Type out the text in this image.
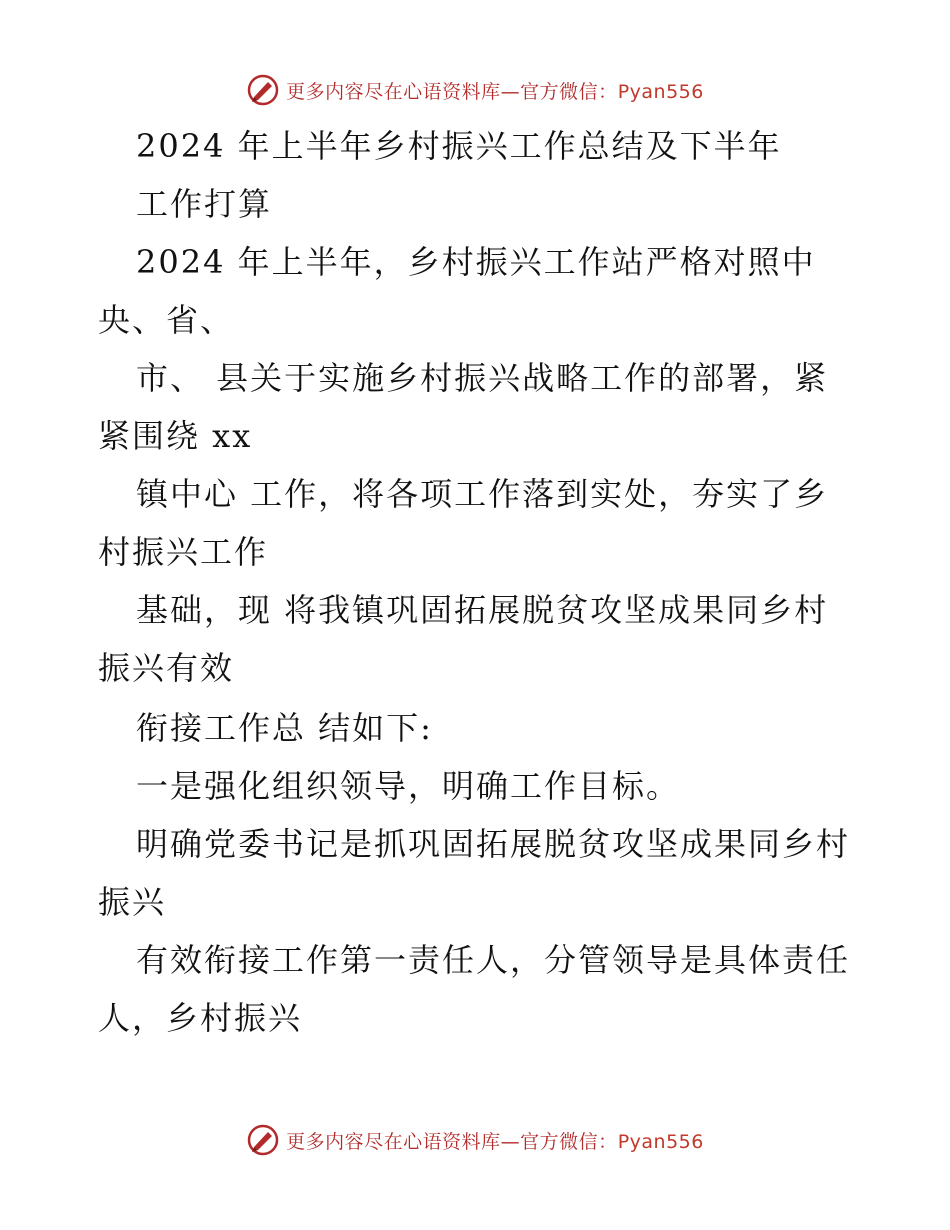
更多内容尽在心语资料库—官方微信：Pyan556
2024 年上半年乡村振兴工作总结及下半年
工作打算
2024 年上半年，乡村振兴工作站严格对照中
央、省、
市、 县关于实施乡村振兴战略工作的部署，紧
紧围绕 xx
镇中心 工作，将各项工作落到实处，夯实了乡
村振兴工作
基础，现 将我镇巩固拓展脱贫攻坚成果同乡村
振兴有效
衔接工作总 结如下:
一是强化组织领导，明确工作目标。
明确党委书记是抓巩固拓展脱贫攻坚成果同乡村
振兴
有效衔接工作第一责任人，分管领导是具体责任
人，乡村振兴
更多内容尽在心语资料库—官方微信：Pyan556
